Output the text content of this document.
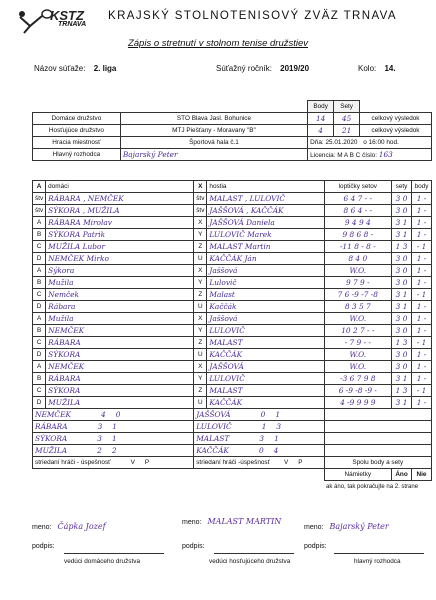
KSTZ
TRNAVA
KRAJSKÝ STOLNOTENISOVÝ ZVÄZ TRNAVA
Zápis o stretnutí v stolnom tenise družstiev
Názov súťaže: 2. liga	Súťažný ročník: 2019/20	Kolo: 14.
		Body	Sety	
Domáce družstvo	STO Blava Jasl. Bohunice	14	45	celkový výsledok
Hosťujúce družstvo	MTJ Piešťany - Moravany "B"	4	21	celkový výsledok
Hracia miestnosť	Športová hala č.1	Dňa: 25.01.2020 o 16:00 hod.		
Hlavný rozhodca	Bajarský Peter	Licencia: M A B C číslo: 163		
A	domáci	X	hostia	loptičky setov	sety	body
štv	RÁBARA , NEMČEK	štv	MALAST , LULOVIČ	6 4 7 - -	3 0	1 -
štv	SÝKORA , MUŽILA	štv	JAŠŠOVÁ , KAČČÁK	8 6 4 - -	3 0	1 -
A	RÁBARA Mirolav	X	JAŠŠOVÁ Daniela	9 4 9 4	3 1	1 -
B	SÝKORA Patrik	Y	LULOVIČ Marek	9 8 6 8 -	3 1	1 -
C	MUŽILA Lubor	Z	MALAST Martin	-11 8 - 8 -	1 3	- 1
D	NEMČEK Mirko	U	KAČČÁK Ján	8 4 0	3 0	1 -
A	Sýkora	X	Jaššová	W.O.	3 0	1 -
B	Mužila	Y	Lulovič	9 7 9 -	3 0	1 -
C	Nemček	Z	Malast	7 6 -9 -7 -8	3 1	- 1
D	Rábara	U	Kaččák	8 3 5 7	3 1	1 -
A	Mužila	X	Jaššová	W.O.	3 0	1 -
B	NEMČEK	Y	LULOVIČ	10 2 7 - -	3 0	1 -
C	RÁBARA	Z	MALAST	- 7 9 - -	1 3	- 1
D	SÝKORA	U	KAČČÁK	W.O.	3 0	1 -
A	NEMČEK	X	JAŠŠOVÁ	W.O.	3 0	1 -
B	RÁBARA	Y	LULOVIČ	-3 6 7 9 8	3 1	1 -
C	SÝKORA	Z	MALAST	6 -9 -8 -9 -	1 3	- 1
D	MUŽILA	U	KAČČÁK	4 -9 9 9 9	3 1	1 -
NEMČEK 4 0		JAŠŠOVÁ 0 1				
RÁBARA 3 1		LULOVIČ 1 3				
SÝKORA 3 1		MALAST 3 1				
MUŽILA 2 2		KAČČÁK 0 4				
striedaní hráči - úspešnosť V P		striedaní hráči -úspešnosť V P		Spolu body a sety		
				Námietky	Áno	Nie
				ak áno, tak pokračujte na 2. strane		
meno: Čápka Jozef	meno: MALAST MARTIN
meno: Bajarský Peter
podpis:	podpis:	podpis:
vedúci domáceho družstva	vedúci hosťujúceho družstva	hlavný rozhodca
